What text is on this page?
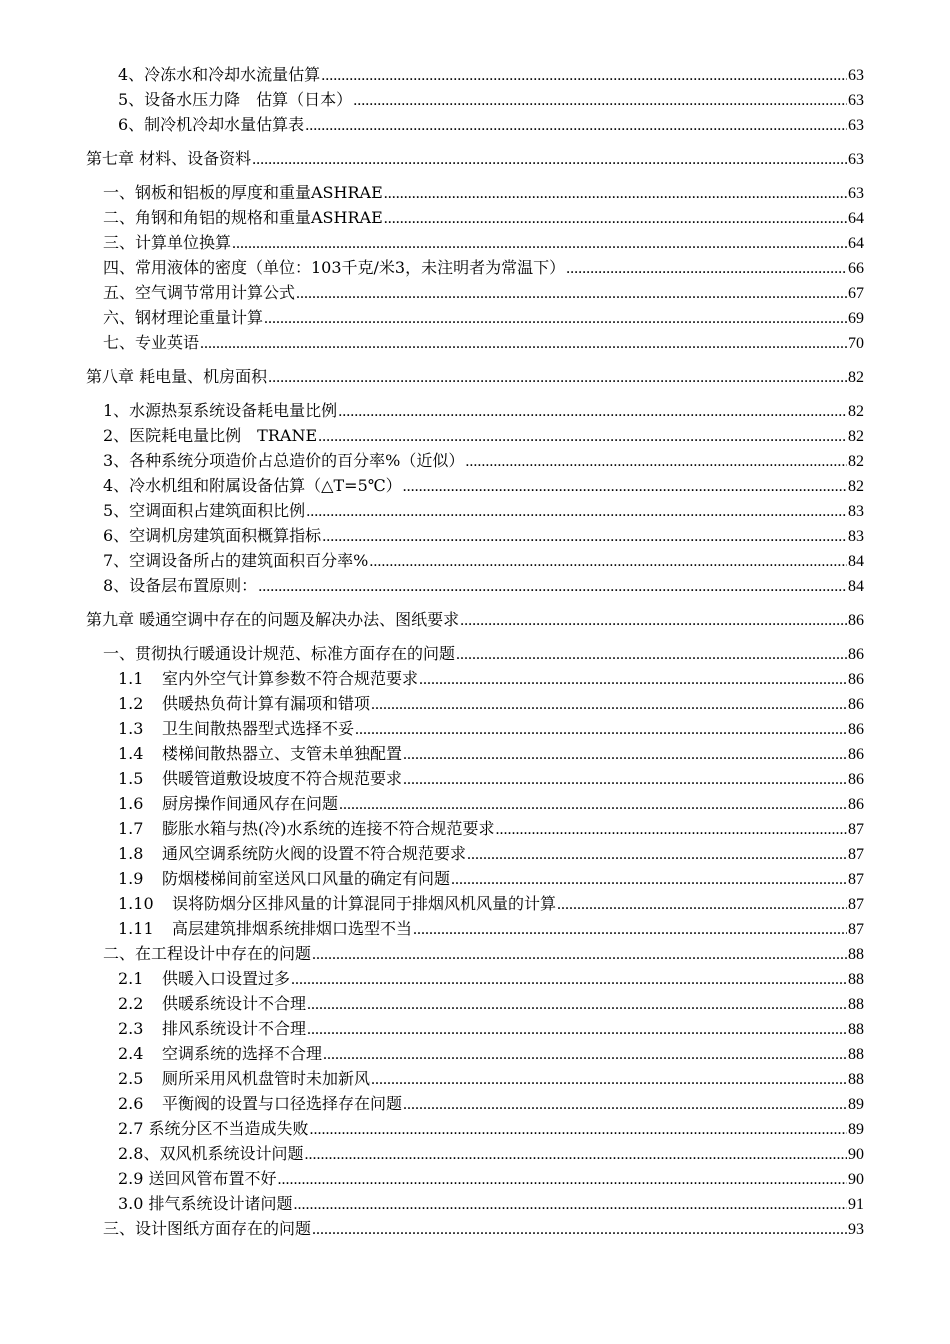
4、冷冻水和冷却水流量估算 .....	63
5、设备水压力降　估算（日本） .....	63
6、制冷机冷却水量估算表 .....	63
第七章 材料、设备资料 .....	63
一、钢板和铝板的厚度和重量ASHRAE .....	63
二、角钢和角铝的规格和重量ASHRAE .....	64
三、计算单位换算 .....	64
四、常用液体的密度（单位：103千克/米3，未注明者为常温下） .....	66
五、空气调节常用计算公式 .....	67
六、钢材理论重量计算 .....	69
七、专业英语 .....	70
第八章 耗电量、机房面积 .....	82
1、水源热泵系统设备耗电量比例 .....	82
2、医院耗电量比例　TRANE .....	82
3、各种系统分项造价占总造价的百分率%（近似） .....	82
4、冷水机组和附属设备估算（△T=5℃） .....	82
5、空调面积占建筑面积比例 .....	83
6、空调机房建筑面积概算指标 .....	83
7、空调设备所占的建筑面积百分率% .....	84
8、设备层布置原则： .....	84
第九章 暖通空调中存在的问题及解决办法、图纸要求 .....	86
一、贯彻执行暖通设计规范、标准方面存在的问题 .....	86
1.1 室内外空气计算参数不符合规范要求 .....	86
1.2 供暖热负荷计算有漏项和错项 .....	86
1.3 卫生间散热器型式选择不妥 .....	86
1.4 楼梯间散热器立、支管未单独配置 .....	86
1.5 供暖管道敷设坡度不符合规范要求 .....	86
1.6 厨房操作间通风存在问题 .....	86
1.7 膨胀水箱与热(冷)水系统的连接不符合规范要求 .....	87
1.8 通风空调系统防火阀的设置不符合规范要求 .....	87
1.9 防烟楼梯间前室送风口风量的确定有问题 .....	87
1.10 误将防烟分区排风量的计算混同于排烟风机风量的计算 .....	87
1.11 高层建筑排烟系统排烟口选型不当 .....	87
二、在工程设计中存在的问题 .....	88
2.1 供暖入口设置过多 .....	88
2.2 供暖系统设计不合理 .....	88
2.3 排风系统设计不合理 .....	88
2.4 空调系统的选择不合理 .....	88
2.5 厕所采用风机盘管时未加新风 .....	88
2.6 平衡阀的设置与口径选择存在问题 .....	89
2.7 系统分区不当造成失败 .....	89
2.8、双风机系统设计问题 .....	90
2.9 送回风管布置不好 .....	90
3.0 排气系统设计诸问题 .....	91
三、设计图纸方面存在的问题 .....	93
